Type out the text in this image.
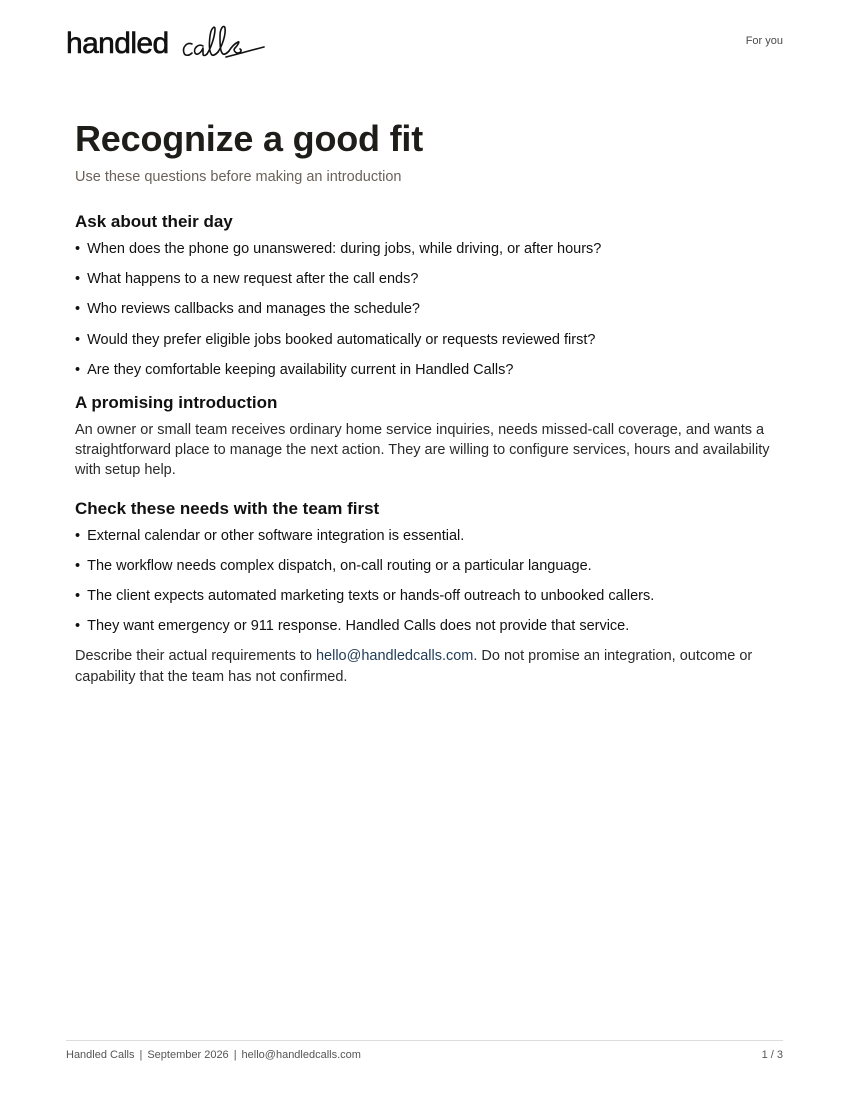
handled	For you
Recognize a good fit
Use these questions before making an introduction
Ask about their day
• When does the phone go unanswered: during jobs, while driving, or after hours?
• What happens to a new request after the call ends?
• Who reviews callbacks and manages the schedule?
• Would they prefer eligible jobs booked automatically or requests reviewed first?
• Are they comfortable keeping availability current in Handled Calls?
A promising introduction

An owner or small team receives ordinary home service inquiries, needs missed-call coverage, and wants a straightforward place to manage the next action. They are willing to configure services, hours and availability with setup help.

Check these needs with the team first
• External calendar or other software integration is essential.
• The workflow needs complex dispatch, on-call routing or a particular language.
• The client expects automated marketing texts or hands-off outreach to unbooked callers.
• They want emergency or 911 response. Handled Calls does not provide that service.

Describe their actual requirements to hello@handledcalls.com. Do not promise an integration, outcome or capability that the team has not confirmed.

Handled Calls | September 2026 | hello@handledcalls.com	1 / 3
